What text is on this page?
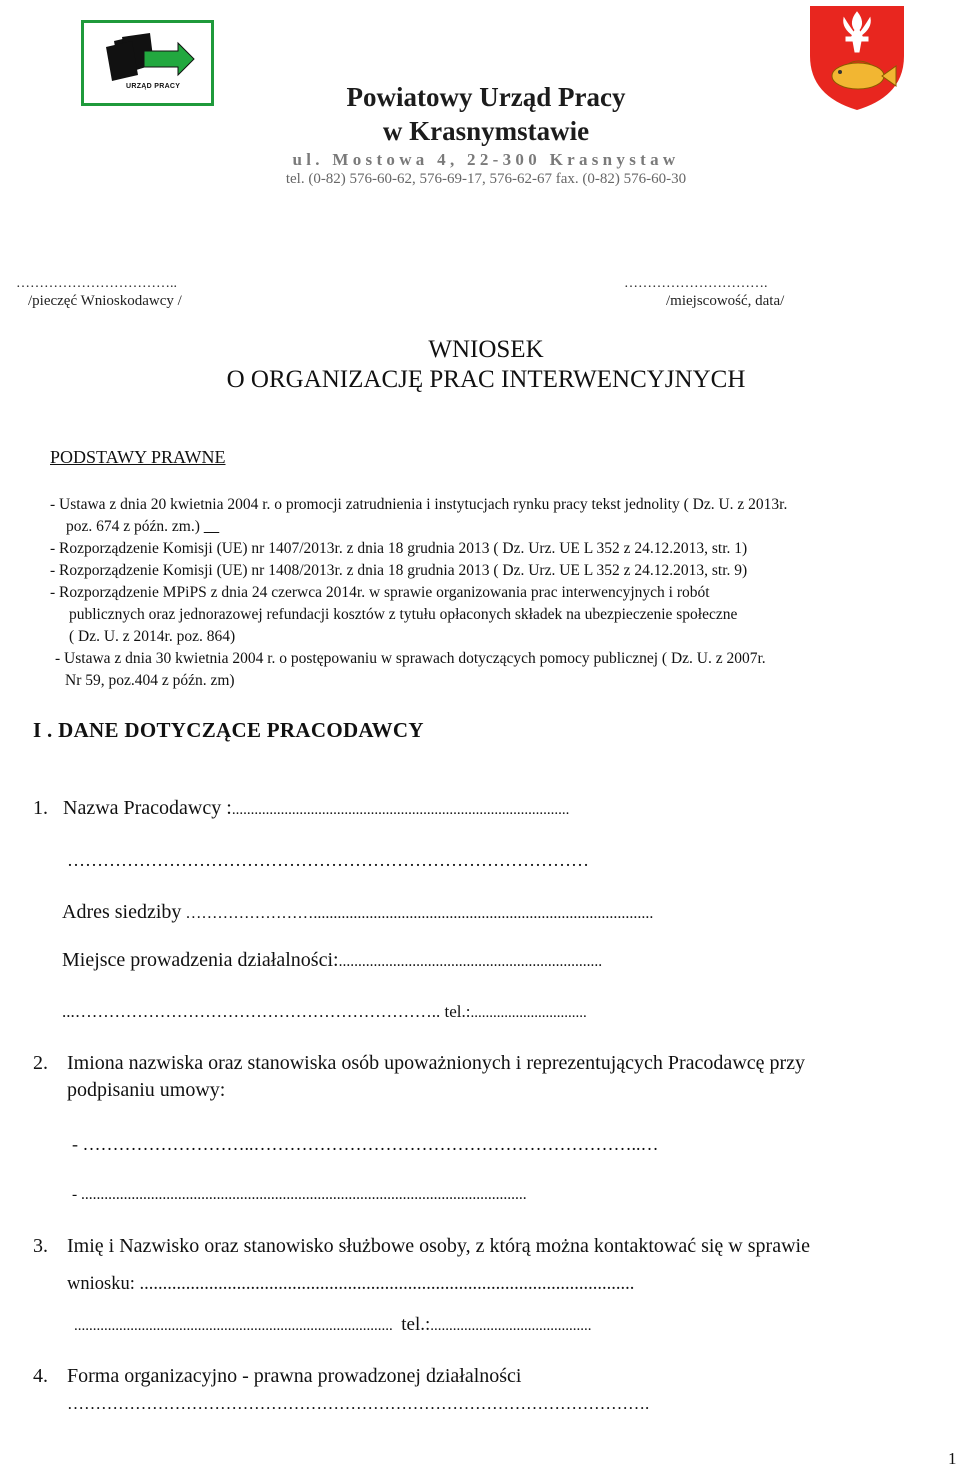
URZĄD PRACY	Powiatowy Urząd Pracy
w Krasnymstawie
ul. Mostowa 4, 22-300 Krasnystaw
tel. (0-82) 576-60-62, 576-69-17, 576-62-67 fax. (0-82) 576-60-30
……………………………..
/pieczęć Wnioskodawcy /
………………………….
/miejscowość, data/
WNIOSEK
O ORGANIZACJĘ PRAC INTERWENCYJNYCH
PODSTAWY PRAWNE
- Ustawa z dnia 20 kwietnia 2004 r. o promocji zatrudnienia i instytucjach rynku pracy tekst jednolity ( Dz. U. z 2013r.
poz. 674 z późn. zm.)
- Rozporządzenie Komisji (UE) nr 1407/2013r. z dnia 18 grudnia 2013 ( Dz. Urz. UE L 352 z 24.12.2013, str. 1)
- Rozporządzenie Komisji (UE) nr 1408/2013r. z dnia 18 grudnia 2013 ( Dz. Urz. UE L 352 z 24.12.2013, str. 9)
- Rozporządzenie MPiPS z dnia 24 czerwca 2014r. w sprawie organizowania prac interwencyjnych i robót
publicznych oraz jednorazowej refundacji kosztów z tytułu opłaconych składek na ubezpieczenie społeczne
( Dz. U. z 2014r. poz. 864)
- Ustawa z dnia 30 kwietnia 2004 r. o postępowaniu w sprawach dotyczących pomocy publicznej ( Dz. U. z 2007r.
Nr 59, poz.404 z późn. zm)
I . DANE DOTYCZĄCE PRACODAWCY
1. Nazwa Pracodawcy :..........................................................................................
……………………………………………………………………………
Adres siedziby …………………….....................................................................................
Miejsce prowadzenia działalności:....................................................................
...……………………………………………………….. tel.:...............................
2. Imiona nazwiska oraz stanowiska osób upoważnionych i reprezentujących Pracodawcę przy
podpisaniu umowy:
- ………………………..………………………………………………………..…
- ...................................................................................................................
3. Imię i Nazwisko oraz stanowisko służbowe osoby, z którą można kontaktować się w sprawie
wniosku: ...........................................................................................................
..................................................................................... tel.:...........................................
4. Forma organizacyjno - prawna prowadzonej działalności
………………………………………………………………………………………….
1
